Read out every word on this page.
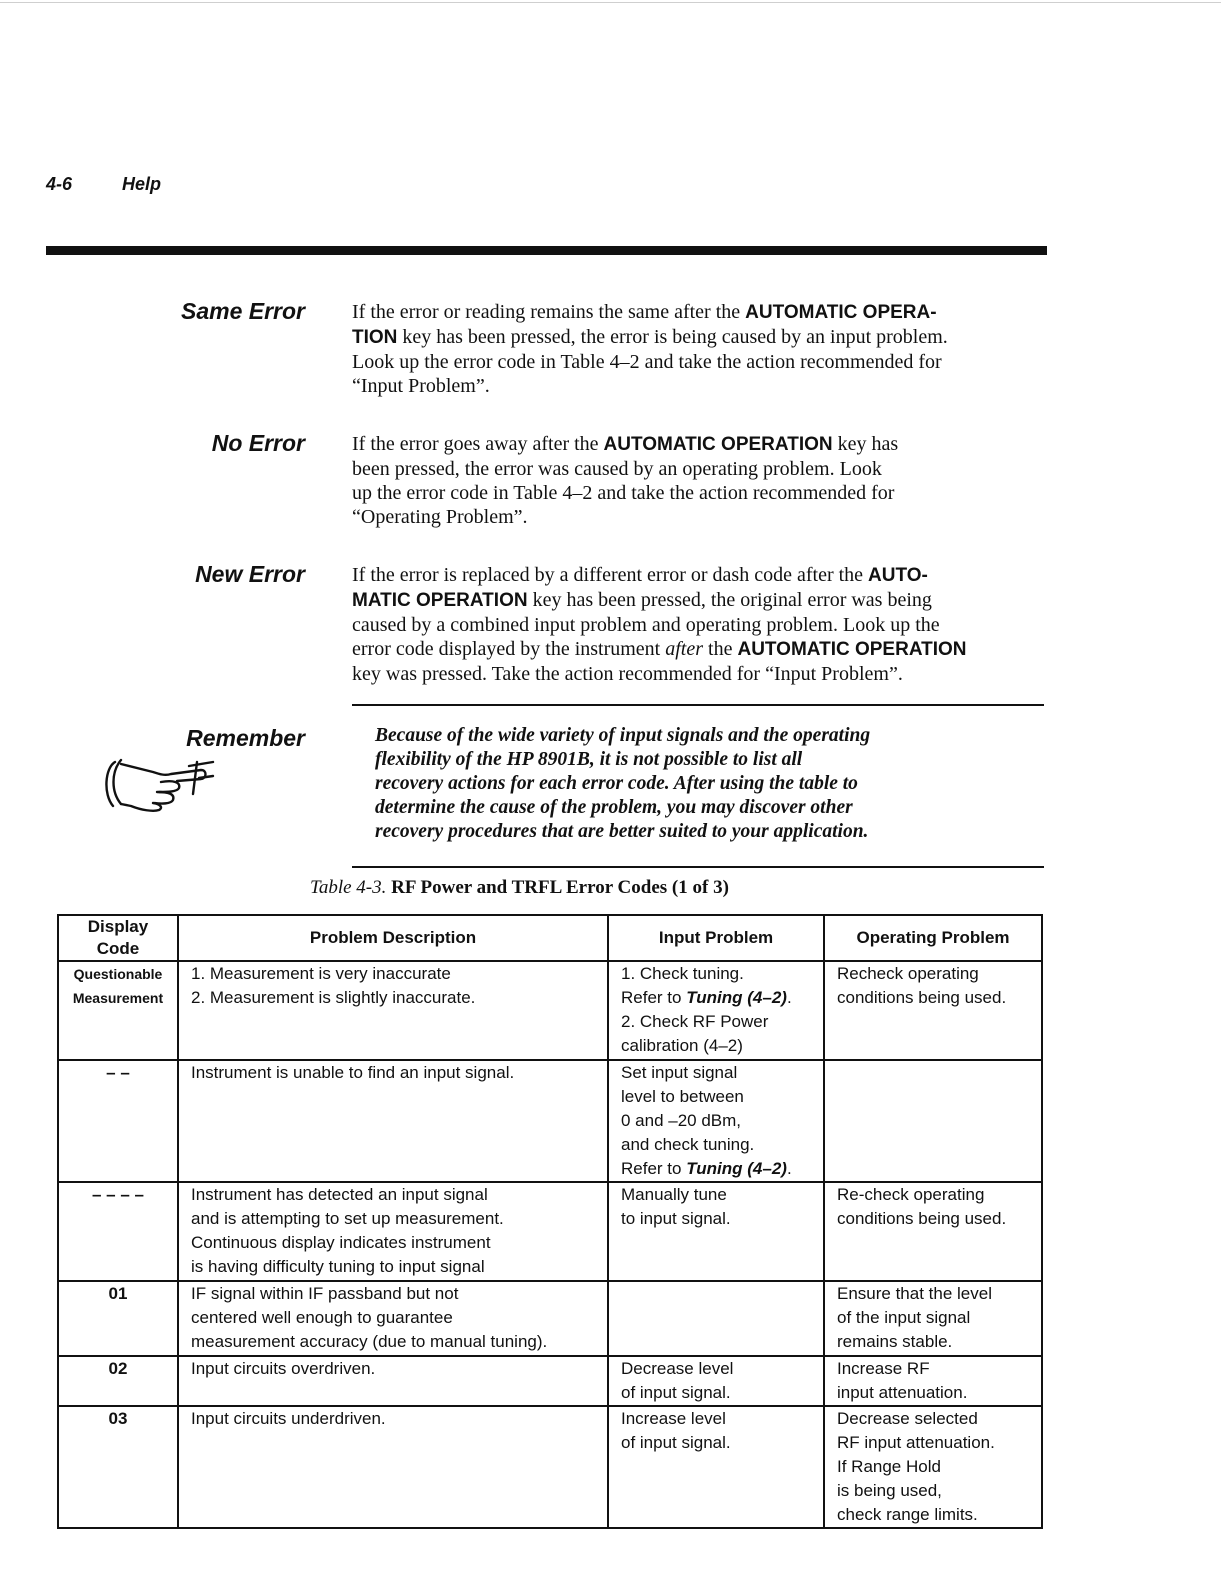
4-6	Help
Same Error If the error or reading remains the same after the AUTOMATIC OPERA-
TION key has been pressed, the error is being caused by an input problem.
Look up the error code in Table 4–2 and take the action recommended for
“Input Problem”.
No Error If the error goes away after the AUTOMATIC OPERATION key has
been pressed, the error was caused by an operating problem. Look
up the error code in Table 4–2 and take the action recommended for
“Operating Problem”.
New Error If the error is replaced by a different error or dash code after the AUTO-
MATIC OPERATION key has been pressed, the original error was being
caused by a combined input problem and operating problem. Look up the
error code displayed by the instrument after the AUTOMATIC OPERATION
key was pressed. Take the action recommended for “Input Problem”.
Remember	Because of the wide variety of input signals and the operating
flexibility of the HP 8901B, it is not possible to list all
recovery actions for each error code. After using the table to
determine the cause of the problem, you may discover other
recovery procedures that are better suited to your application.
Table 4-3. RF Power and TRFL Error Codes (1 of 3)
Display
Code	Problem Description	Input Problem	Operating Problem

Questionable
Measurement	1. Measurement is very inaccurate
2. Measurement is slightly inaccurate.	1. Check tuning.
Refer to Tuning (4–2).
2. Check RF Power
calibration (4–2)	Recheck operating
conditions being used.

– –	Instrument is unable to find an input signal.	Set input signal
level to between
0 and –20 dBm,
and check tuning.
Refer to Tuning (4–2).	

– – – –	Instrument has detected an input signal
and is attempting to set up measurement.
Continuous display indicates instrument
is having difficulty tuning to input signal	Manually tune
to input signal.	Re-check operating
conditions being used.

01	IF signal within IF passband but not
centered well enough to guarantee
measurement accuracy (due to manual tuning).		Ensure that the level
of the input signal
remains stable.

02	Input circuits overdriven.	Decrease level
of input signal.	Increase RF
input attenuation.

03	Input circuits underdriven.	Increase level
of input signal.	Decrease selected
RF input attenuation.
If Range Hold
is being used,
check range limits.
